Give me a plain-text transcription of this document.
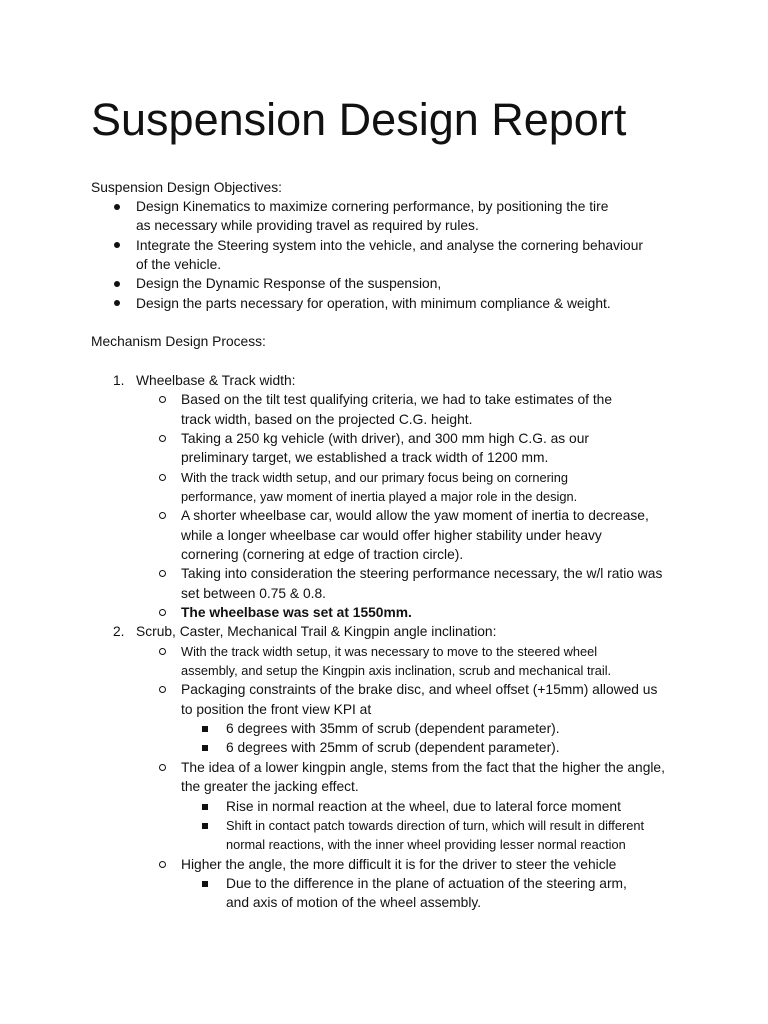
Suspension Design Report
Suspension Design Objectives:
Design Kinematics to maximize cornering performance, by positioning the tire
as necessary while providing travel as required by rules.
Integrate the Steering system into the vehicle, and analyse the cornering behaviour
of the vehicle.
Design the Dynamic Response of the suspension,
Design the parts necessary for operation, with minimum compliance & weight.
Mechanism Design Process:
1. Wheelbase & Track width:
Based on the tilt test qualifying criteria, we had to take estimates of the
track width, based on the projected C.G. height.
Taking a 250 kg vehicle (with driver), and 300 mm high C.G. as our
preliminary target, we established a track width of 1200 mm.
With the track width setup, and our primary focus being on cornering
performance, yaw moment of inertia played a major role in the design.
A shorter wheelbase car, would allow the yaw moment of inertia to decrease,
while a longer wheelbase car would offer higher stability under heavy
cornering (cornering at edge of traction circle).
Taking into consideration the steering performance necessary, the w/l ratio was
set between 0.75 & 0.8.
The wheelbase was set at 1550mm.
2. Scrub, Caster, Mechanical Trail & Kingpin angle inclination:
With the track width setup, it was necessary to move to the steered wheel
assembly, and setup the Kingpin axis inclination, scrub and mechanical trail.
Packaging constraints of the brake disc, and wheel offset (+15mm) allowed us
to position the front view KPI at
6 degrees with 35mm of scrub (dependent parameter).
6 degrees with 25mm of scrub (dependent parameter).
The idea of a lower kingpin angle, stems from the fact that the higher the angle,
the greater the jacking effect.
Rise in normal reaction at the wheel, due to lateral force moment
Shift in contact patch towards direction of turn, which will result in different
normal reactions, with the inner wheel providing lesser normal reaction
Higher the angle, the more difficult it is for the driver to steer the vehicle
Due to the difference in the plane of actuation of the steering arm,
and axis of motion of the wheel assembly.
